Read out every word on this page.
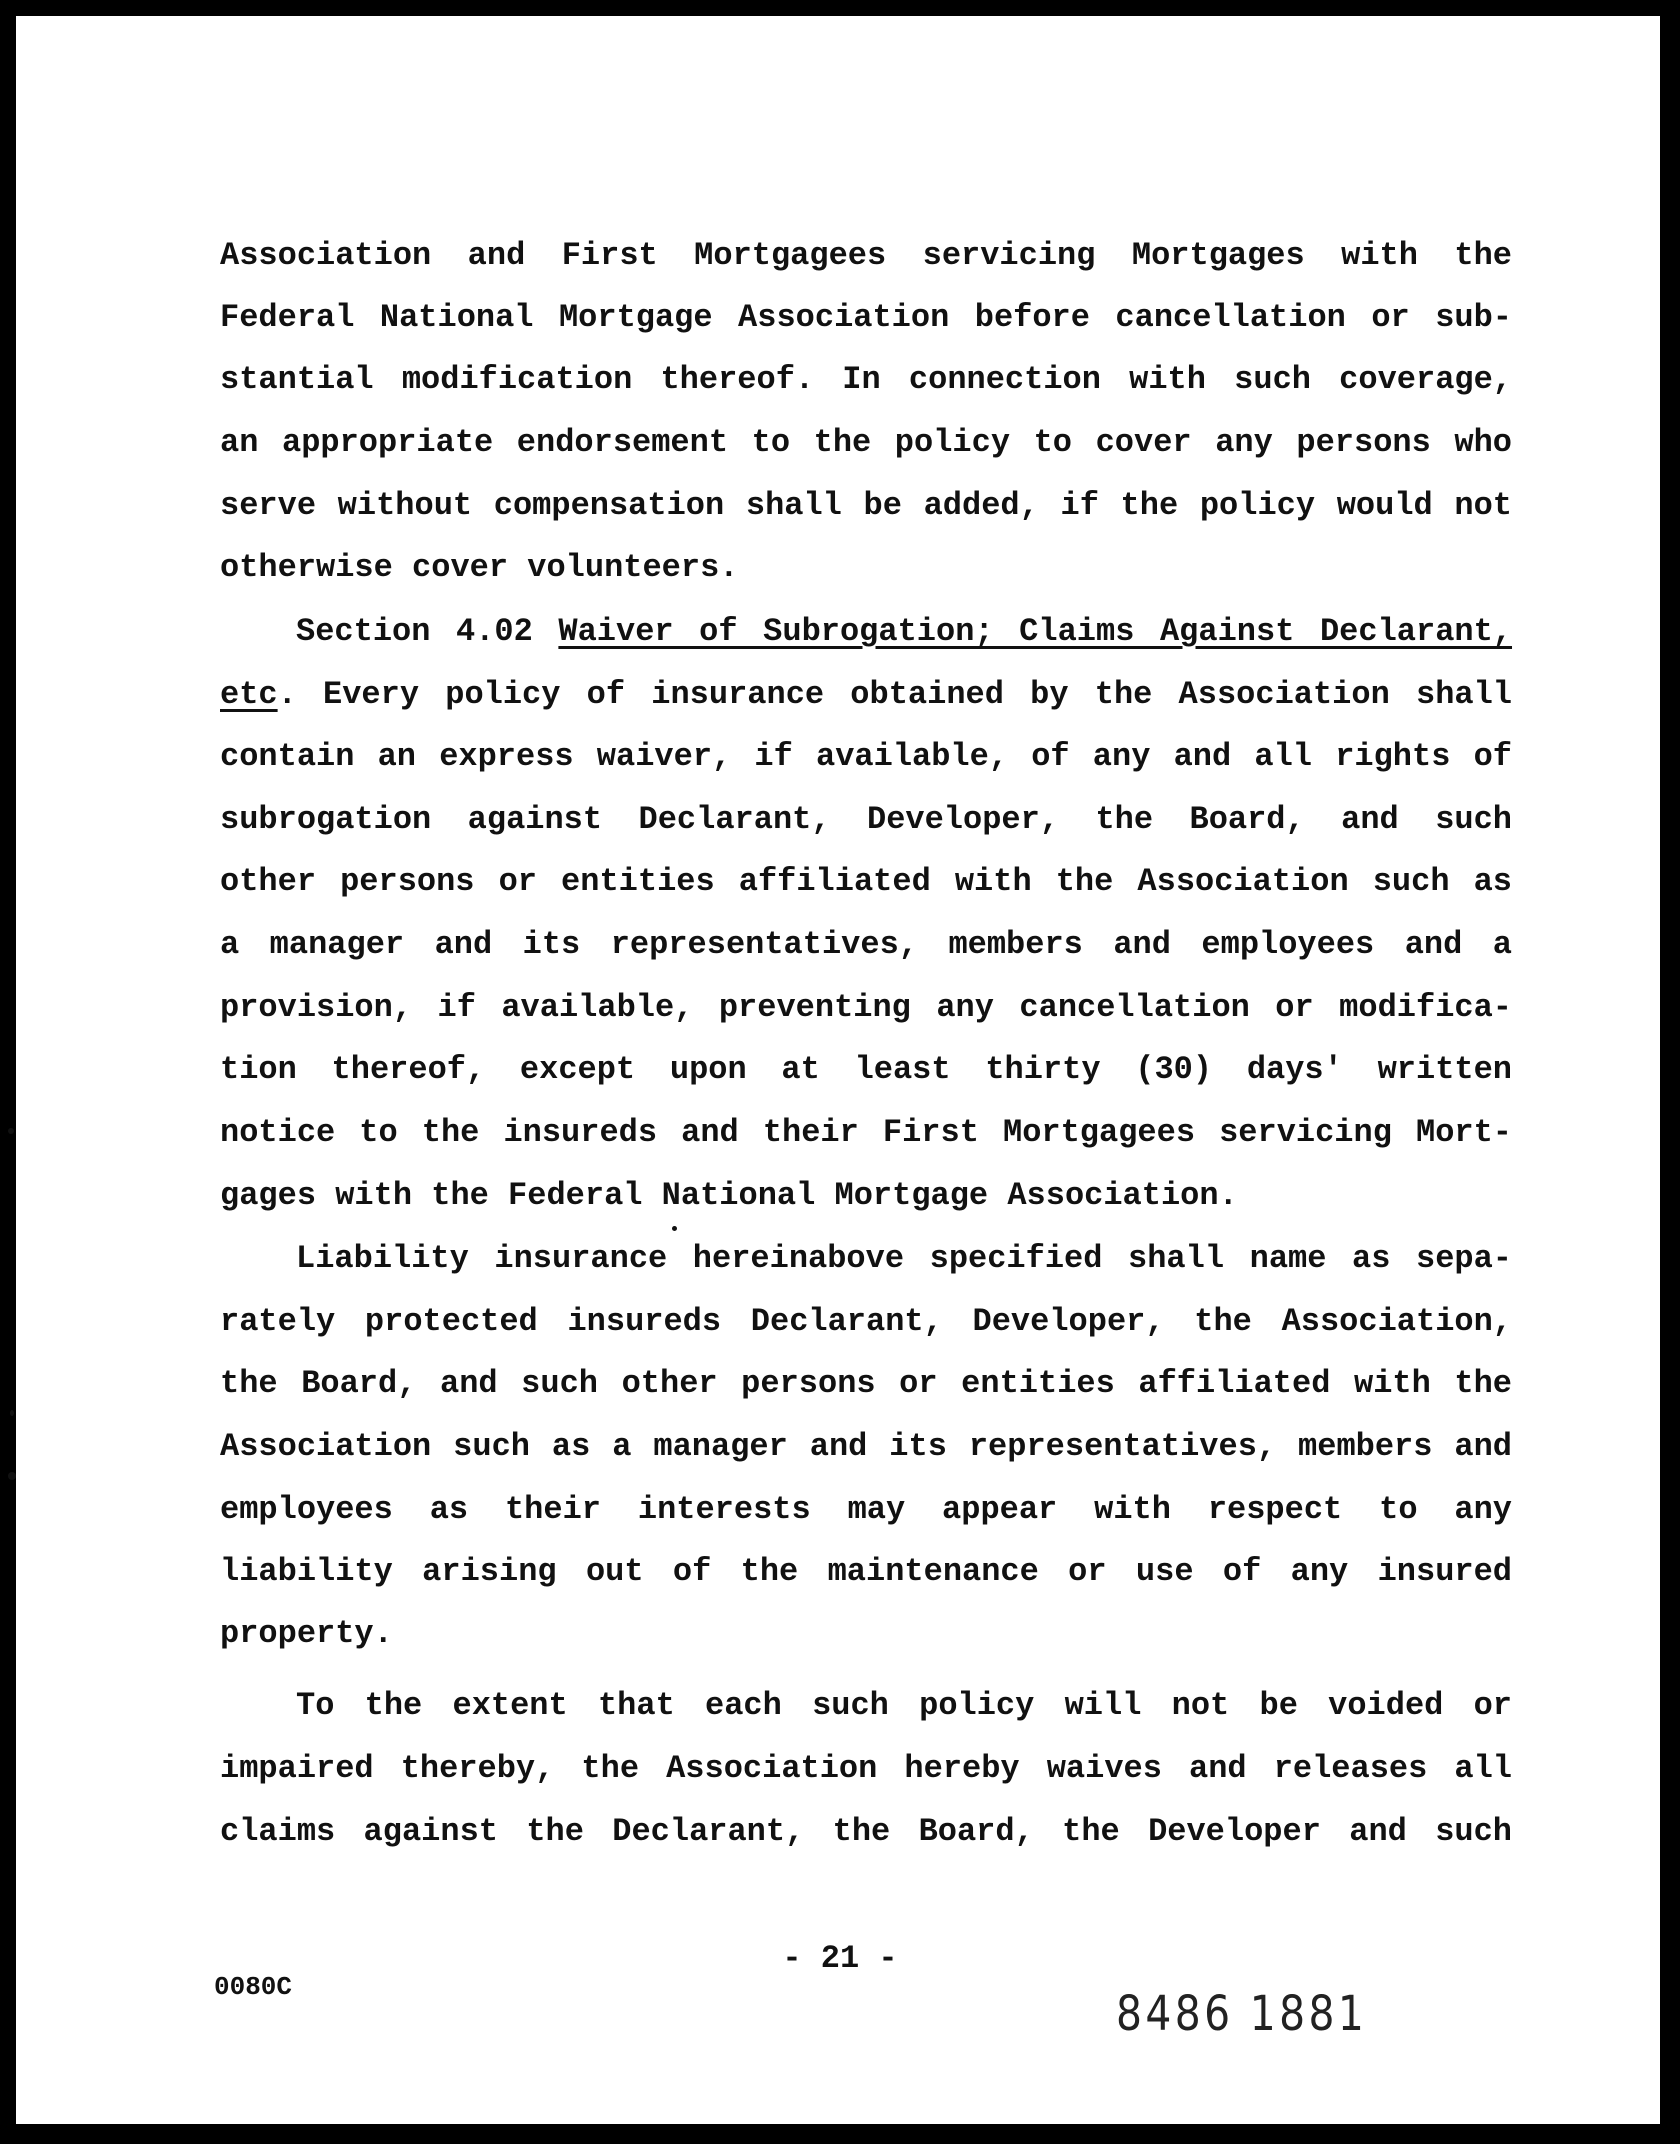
Association and First Mortgagees servicing Mortgages with the
Federal National Mortgage Association before cancellation or sub-
stantial modification thereof. In connection with such coverage,
an appropriate endorsement to the policy to cover any persons who
serve without compensation shall be added, if the policy would not
otherwise cover volunteers.
Section 4.02 Waiver of Subrogation; Claims Against Declarant,
etc. Every policy of insurance obtained by the Association shall
contain an express waiver, if available, of any and all rights of
subrogation against Declarant, Developer, the Board, and such
other persons or entities affiliated with the Association such as
a manager and its representatives, members and employees and a
provision, if available, preventing any cancellation or modifica-
tion thereof, except upon at least thirty (30) days' written
notice to the insureds and their First Mortgagees servicing Mort-
gages with the Federal National Mortgage Association.
Liability insurance hereinabove specified shall name as sepa-
rately protected insureds Declarant, Developer, the Association,
the Board, and such other persons or entities affiliated with the
Association such as a manager and its representatives, members and
employees as their interests may appear with respect to any
liability arising out of the maintenance or use of any insured
property.
To the extent that each such policy will not be voided or
impaired thereby, the Association hereby waives and releases all
claims against the Declarant, the Board, the Developer and such
- 21 -
0080C	8486 1881
